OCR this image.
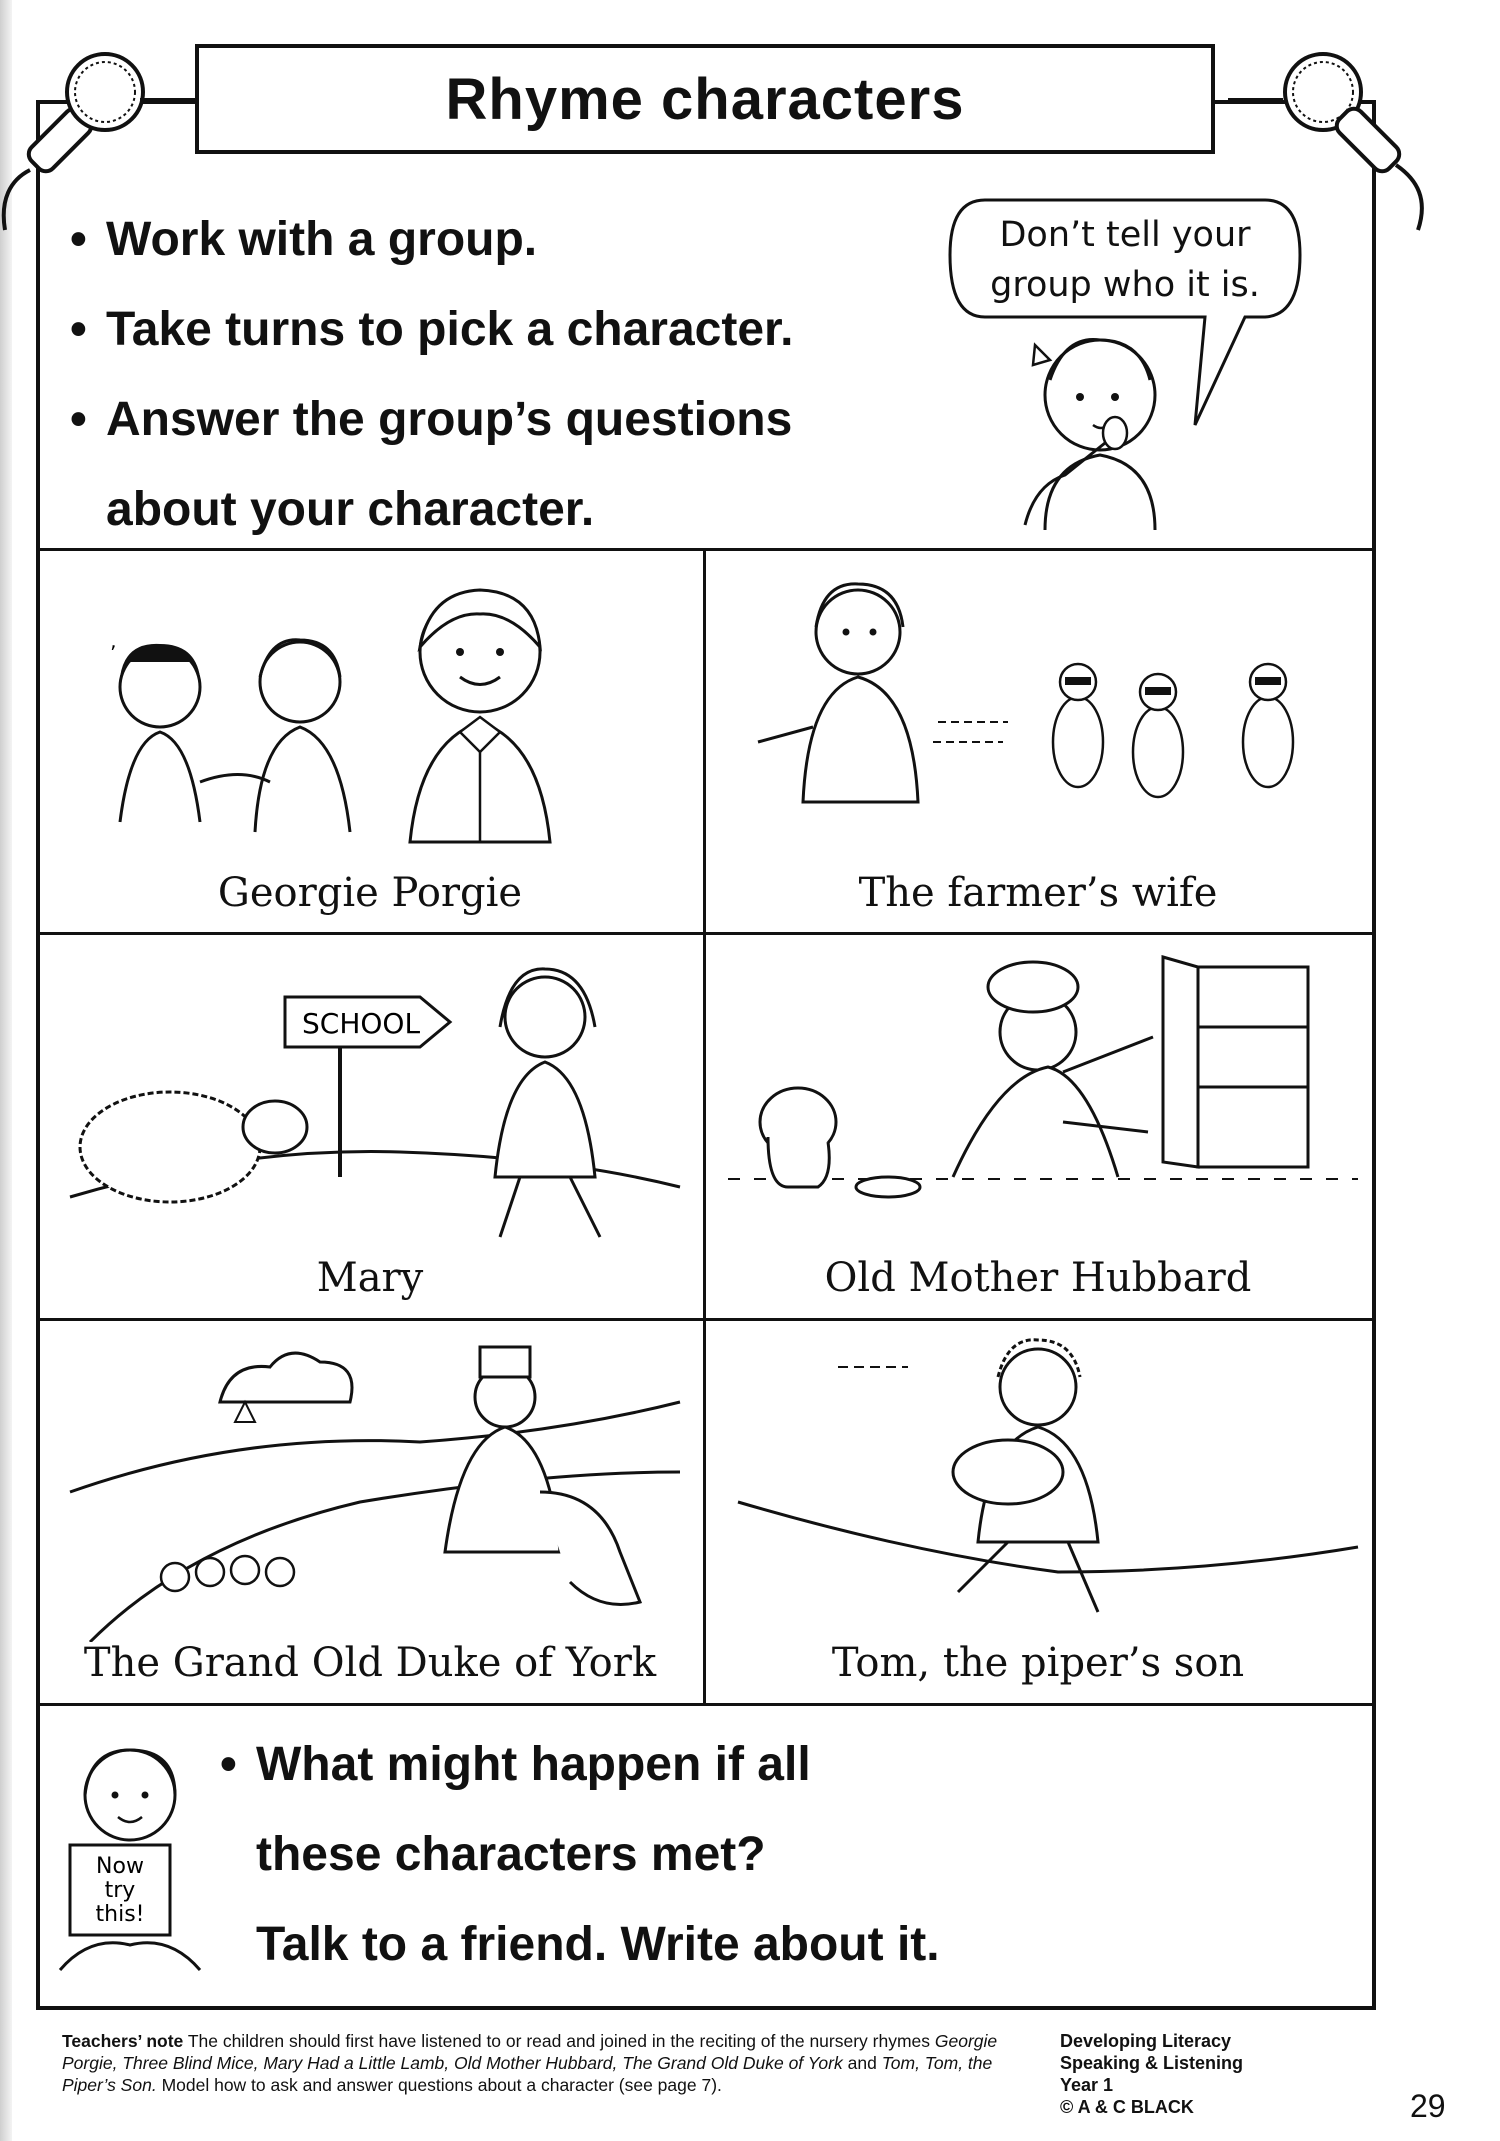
Rhyme characters
• Work with a group.
• Take turns to pick a character.
• Answer the group’s questions
about your character.
Don’t tell your
group who it is.
ʼ
Georgie Porgie	The farmer’s wife
SCHOOL
Mary	Old Mother Hubbard
The Grand Old Duke of York	Tom, the piper’s son
Now
try
this!
• What might happen if all
these characters met?
Talk to a friend. Write about it.
Teachers’ note The children should first have listened to or read and joined in the reciting of the nursery rhymes Georgie Porgie, Three Blind Mice, Mary Had a Little Lamb, Old Mother Hubbard, The Grand Old Duke of York and Tom, Tom, the Piper’s Son. Model how to ask and answer questions about a character (see page 7).
Developing Literacy
Speaking & Listening
Year 1
© A & C BLACK	29
